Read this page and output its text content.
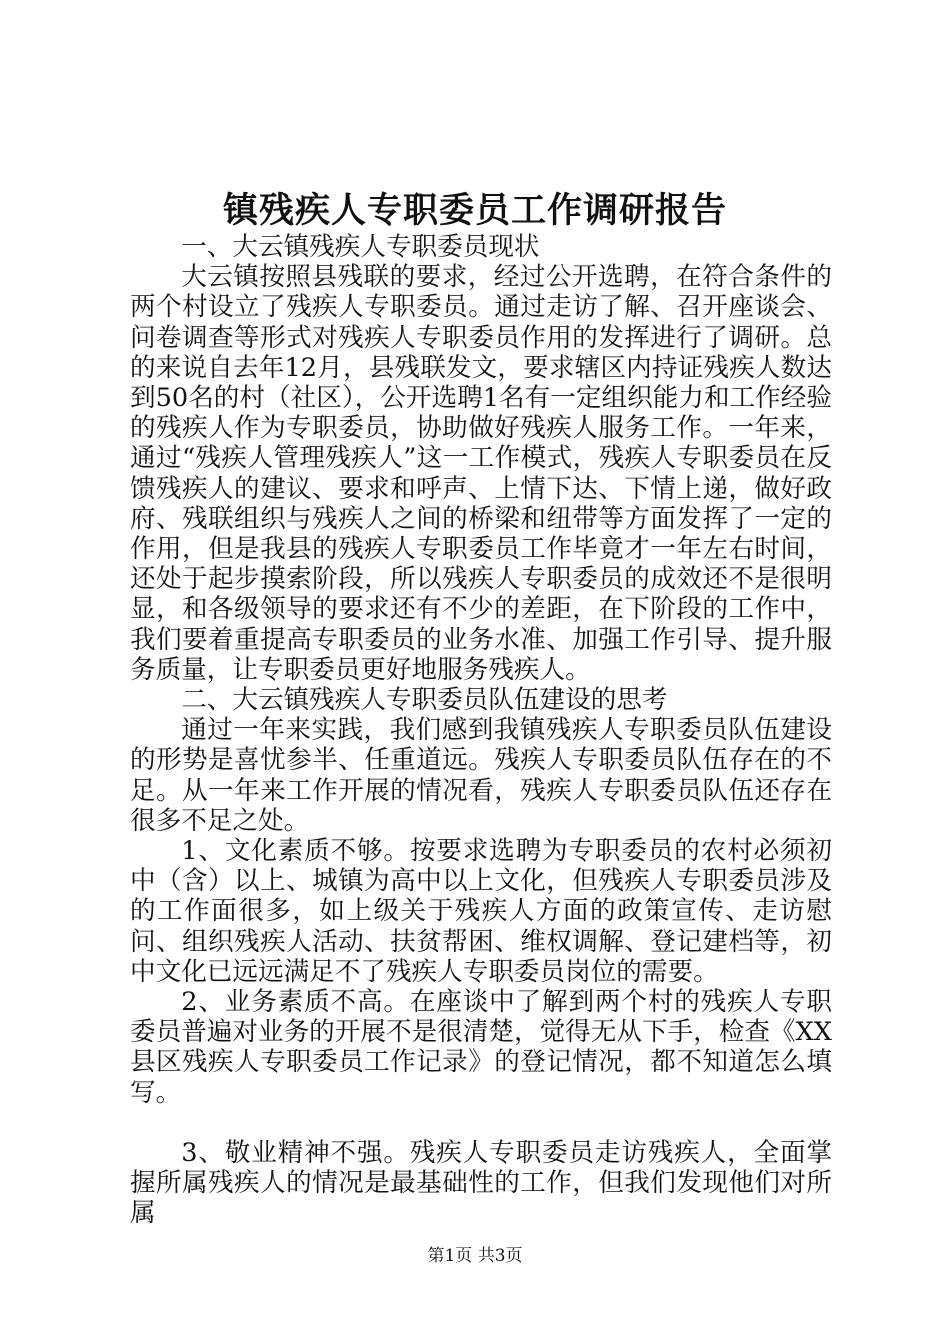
镇残疾人专职委员工作调研报告

一、大云镇残疾人专职委员现状

大云镇按照县残联的要求，经过公开选聘，在符合条件的两个村设立了残疾人专职委员。通过走访了解、召开座谈会、问卷调查等形式对残疾人专职委员作用的发挥进行了调研。总的来说自去年12月，县残联发文，要求辖区内持证残疾人数达到50名的村（社区），公开选聘1名有一定组织能力和工作经验的残疾人作为专职委员，协助做好残疾人服务工作。一年来，通过“残疾人管理残疾人”这一工作模式，残疾人专职委员在反馈残疾人的建议、要求和呼声、上情下达、下情上递，做好政府、残联组织与残疾人之间的桥梁和纽带等方面发挥了一定的作用，但是我县的残疾人专职委员工作毕竟才一年左右时间，还处于起步摸索阶段，所以残疾人专职委员的成效还不是很明显，和各级领导的要求还有不少的差距，在下阶段的工作中，我们要着重提高专职委员的业务水准、加强工作引导、提升服务质量，让专职委员更好地服务残疾人。

二、大云镇残疾人专职委员队伍建设的思考

通过一年来实践，我们感到我镇残疾人专职委员队伍建设的形势是喜忧参半、任重道远。残疾人专职委员队伍存在的不足。从一年来工作开展的情况看，残疾人专职委员队伍还存在很多不足之处。

1、文化素质不够。按要求选聘为专职委员的农村必须初中（含）以上、城镇为高中以上文化，但残疾人专职委员涉及的工作面很多，如上级关于残疾人方面的政策宣传、走访慰问、组织残疾人活动、扶贫帮困、维权调解、登记建档等，初中文化已远远满足不了残疾人专职委员岗位的需要。

2、业务素质不高。在座谈中了解到两个村的残疾人专职委员普遍对业务的开展不是很清楚，觉得无从下手，检查《XX县区残疾人专职委员工作记录》的登记情况，都不知道怎么填写。

3、敬业精神不强。残疾人专职委员走访残疾人，全面掌握所属残疾人的情况是最基础性的工作，但我们发现他们对所属

第1页 共3页
